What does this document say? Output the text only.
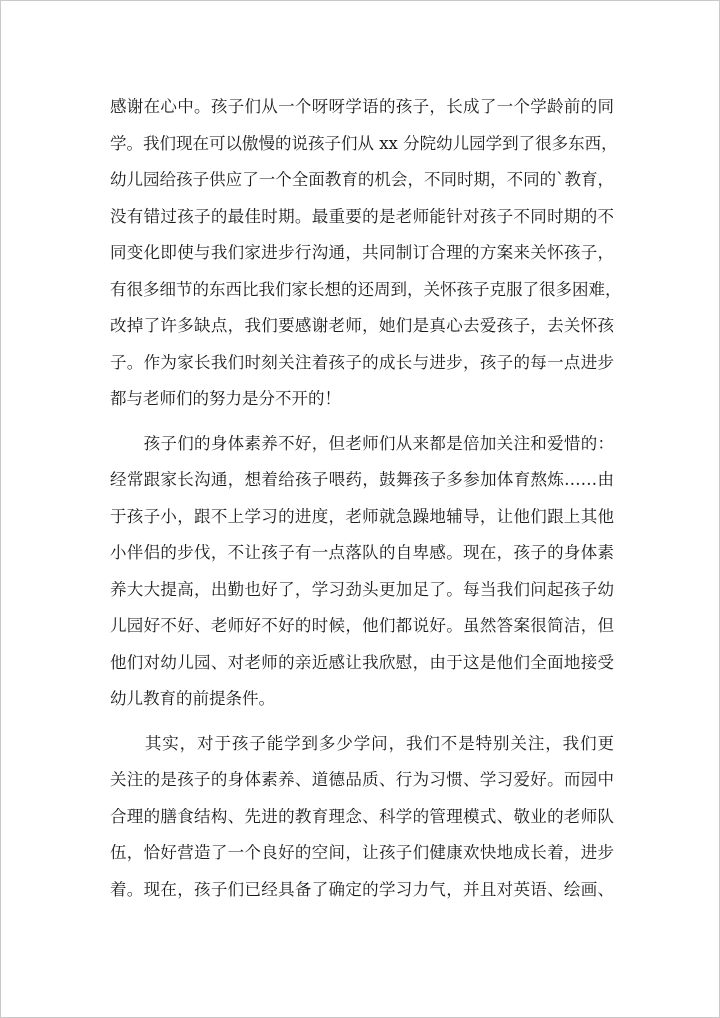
感谢在心中。孩子们从一个呀呀学语的孩子，长成了一个学龄前的同
学。我们现在可以傲慢的说孩子们从 xx 分院幼儿园学到了很多东西，
幼儿园给孩子供应了一个全面教育的机会，不同时期，不同的`教育，
没有错过孩子的最佳时期。最重要的是老师能针对孩子不同时期的不
同变化即使与我们家进步行沟通，共同制订合理的方案来关怀孩子，
有很多细节的东西比我们家长想的还周到，关怀孩子克服了很多困难，
改掉了许多缺点，我们要感谢老师，她们是真心去爱孩子，去关怀孩
子。作为家长我们时刻关注着孩子的成长与进步，孩子的每一点进步
都与老师们的努力是分不开的！
　　孩子们的身体素养不好，但老师们从来都是倍加关注和爱惜的：
经常跟家长沟通，想着给孩子喂药，鼓舞孩子多参加体育熬炼……由
于孩子小，跟不上学习的进度，老师就急躁地辅导，让他们跟上其他
小伴侣的步伐，不让孩子有一点落队的自卑感。现在，孩子的身体素
养大大提高，出勤也好了，学习劲头更加足了。每当我们问起孩子幼
儿园好不好、老师好不好的时候，他们都说好。虽然答案很简洁，但
他们对幼儿园、对老师的亲近感让我欣慰，由于这是他们全面地接受
幼儿教育的前提条件。
　　其实，对于孩子能学到多少学问，我们不是特别关注，我们更
关注的是孩子的身体素养、道德品质、行为习惯、学习爱好。而园中
合理的膳食结构、先进的教育理念、科学的管理模式、敬业的老师队
伍，恰好营造了一个良好的空间，让孩子们健康欢快地成长着，进步
着。现在，孩子们已经具备了确定的学习力气，并且对英语、绘画、
